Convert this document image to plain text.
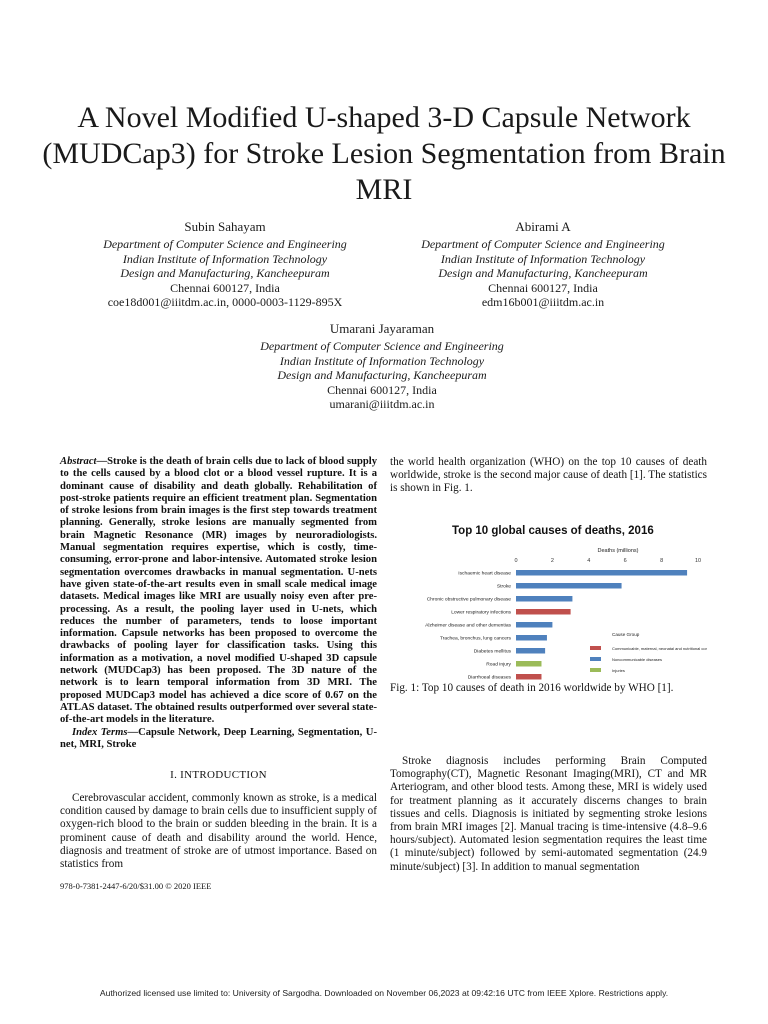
A Novel Modified U-shaped 3-D Capsule Network (MUDCap3) for Stroke Lesion Segmentation from Brain MRI
Subin Sahayam
Department of Computer Science and Engineering
Indian Institute of Information Technology
Design and Manufacturing, Kancheepuram
Chennai 600127, India
coe18d001@iiitdm.ac.in, 0000-0003-1129-895X
Abirami A
Department of Computer Science and Engineering
Indian Institute of Information Technology
Design and Manufacturing, Kancheepuram
Chennai 600127, India
edm16b001@iiitdm.ac.in
Umarani Jayaraman
Department of Computer Science and Engineering
Indian Institute of Information Technology
Design and Manufacturing, Kancheepuram
Chennai 600127, India
umarani@iiitdm.ac.in
Abstract—Stroke is the death of brain cells due to lack of blood supply to the cells caused by a blood clot or a blood vessel rupture. It is a dominant cause of disability and death globally. Rehabilitation of post-stroke patients require an efficient treatment plan. Segmentation of stroke lesions from brain images is the first step towards treatment planning. Generally, stroke lesions are manually segmented from brain Magnetic Resonance (MR) images by neuroradiologists. Manual segmentation requires expertise, which is costly, time-consuming, error-prone and labor-intensive. Automated stroke lesion segmentation overcomes drawbacks in manual segmentation. U-nets have given state-of-the-art results even in small scale medical image datasets. Medical images like MRI are usually noisy even after pre-processing. As a result, the pooling layer used in U-nets, which reduces the number of parameters, tends to loose important information. Capsule networks has been proposed to overcome the drawbacks of pooling layer for classification tasks. Using this information as a motivation, a novel modified U-shaped 3D capsule network (MUDCap3) has been proposed. The 3D nature of the network is to learn temporal information from 3D MRI. The proposed MUDCap3 model has achieved a dice score of 0.67 on the ATLAS dataset. The obtained results outperformed over several state-of-the-art models in the literature.
Index Terms—Capsule Network, Deep Learning, Segmentation, U-net, MRI, Stroke
I. INTRODUCTION
Cerebrovascular accident, commonly known as stroke, is a medical condition caused by damage to brain cells due to insufficient supply of oxygen-rich blood to the brain or sudden bleeding in the brain. It is a prominent cause of death and disability around the world. Hence, diagnosis and treatment of stroke are of utmost importance. Based on statistics from
978-0-7381-2447-6/20/$31.00 © 2020 IEEE
the world health organization (WHO) on the top 10 causes of death worldwide, stroke is the second major cause of death [1]. The statistics is shown in Fig. 1.
Top 10 global causes of deaths, 2016
Deaths (millions)
0	2	4	6	8	10
Ischaemic heart disease
Stroke
Chronic obstructive pulmonary disease
Lower respiratory infections
Alzheimer disease and other dementias
Trachea, bronchus, lung cancers
Diabetes mellitus
Road injury
Diarrhoeal diseases
Cause Group
Communicable, maternal, neonatal and nutritional co
Noncommunicable diseases
Injuries
Fig. 1: Top 10 causes of death in 2016 worldwide by WHO [1].
Stroke diagnosis includes performing Brain Computed Tomography(CT), Magnetic Resonant Imaging(MRI), CT and MR Arteriogram, and other blood tests. Among these, MRI is widely used for treatment planning as it accurately discerns changes to brain tissues and cells. Diagnosis is initiated by segmenting stroke lesions from brain MRI images [2]. Manual tracing is time-intensive (4.8–9.6 hours/subject). Automated lesion segmentation requires the least time (1 minute/subject) followed by semi-automated segmentation (24.9 minute/subject) [3]. In addition to manual segmentation
Authorized licensed use limited to: University of Sargodha. Downloaded on November 06,2023 at 09:42:16 UTC from IEEE Xplore. Restrictions apply.
